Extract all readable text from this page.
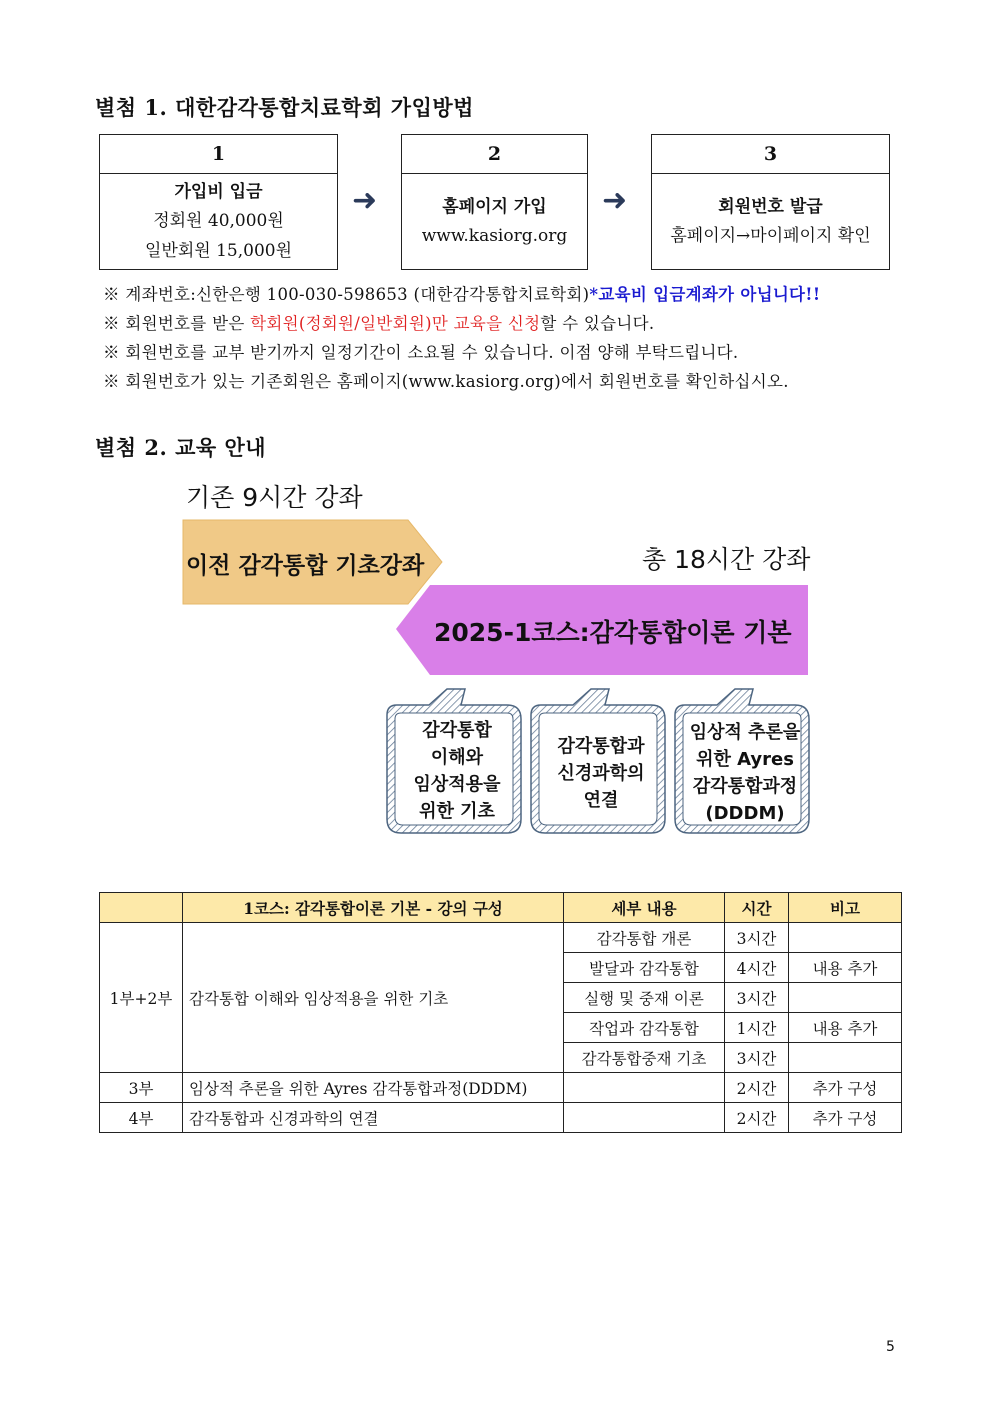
별첨 1. 대한감각통합치료학회 가입방법
1
가입비 입금
정회원 40,000원
일반회원 15,000원
➜
2
홈페이지 가입
www.kasiorg.org
➜
3
회원번호 발급
홈페이지→마이페이지 확인
※ 계좌번호:신한은행 100-030-598653 (대한감각통합치료학회)*교육비 입금계좌가 아닙니다!!
※ 회원번호를 받은 학회원(정회원/일반회원)만 교육을 신청할 수 있습니다.
※ 회원번호를 교부 받기까지 일정기간이 소요될 수 있습니다. 이점 양해 부탁드립니다.
※ 회원번호가 있는 기존회원은 홈페이지(www.kasiorg.org)에서 회원번호를 확인하십시오.
별첨 2. 교육 안내
기존 9시간 강좌
이전 감각통합 기초강좌	총 18시간 강좌
2025-1코스:감각통합이론 기본
감각통합
이해와
임상적용을
위한 기초
감각통합과
신경과학의
연결
임상적 추론을
위한 Ayres
감각통합과정
(DDDM)
	1코스: 감각통합이론 기본 - 강의 구성	세부 내용	시간	비고
1부+2부	감각통합 이해와 임상적용을 위한 기초	감각통합 개론	3시간	
		발달과 감각통합	4시간	내용 추가
		실행 및 중재 이론	3시간	
		작업과 감각통합	1시간	내용 추가
		감각통합중재 기초	3시간	
3부	임상적 추론을 위한 Ayres 감각통합과정(DDDM)		2시간	추가 구성
4부	감각통합과 신경과학의 연결		2시간	추가 구성
5
